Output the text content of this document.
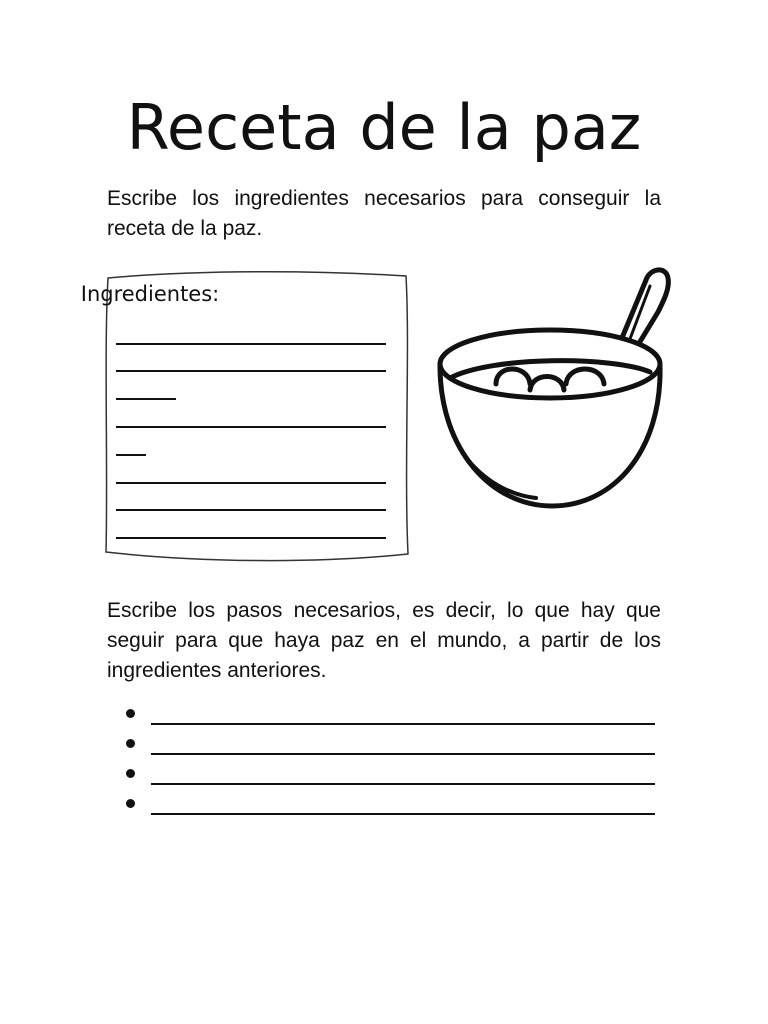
Receta de la paz

Escribe los ingredientes necesarios para conseguir la receta de la paz.

Ingredientes:

Escribe los pasos necesarios, es decir, lo que hay que seguir para que haya paz en el mundo, a partir de los ingredientes anteriores.
